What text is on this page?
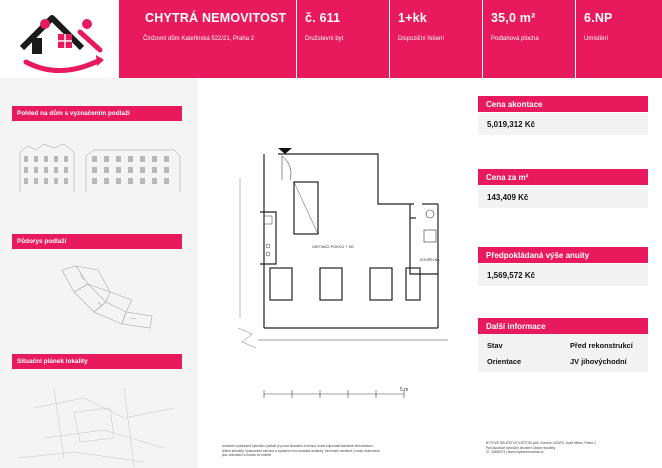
CHYTRÁ NEMOVITOST
Činžovní dům Kateřinská 522/21, Praha 2
č. 611
Družstevní byt
1+kk
Dispoziční řešení
35,0 m²
Podlahová plocha
6.NP
Umístění
Pohled na dům s vyznačením podlaží
Půdorys podlaží
Situační plánek lokality
OBYVACÍ POKOJ + KK
KOUPELNA
5 m
Uvedené vyobrazení bytového podlaží je pouze ilustrační a nemusí zcela odpovídat stavebně-technickému
řešení jednotky. Vyobrazené zařízení a vybavení není součástí dodávky. Informace uvedené v tomto dokumentu
jsou orientační a mohou se změnit.
Cena akontace
5,019,312 Kč
Cena za m²
143,409 Kč
Předpokládaná výše anuity
1,569,572 Kč
Další informace
Stav	Před rekonstrukcí
Orientace	JV jihovýchodní
BYTOVÉ DRUŽSTVO KVĚTOSLAVA, Soudná 1400/20, Nové Město, Praha 2
Pan Asociace bytových družstev České republiky
IČ: 19695073 | www.chytranemovitost.cz
